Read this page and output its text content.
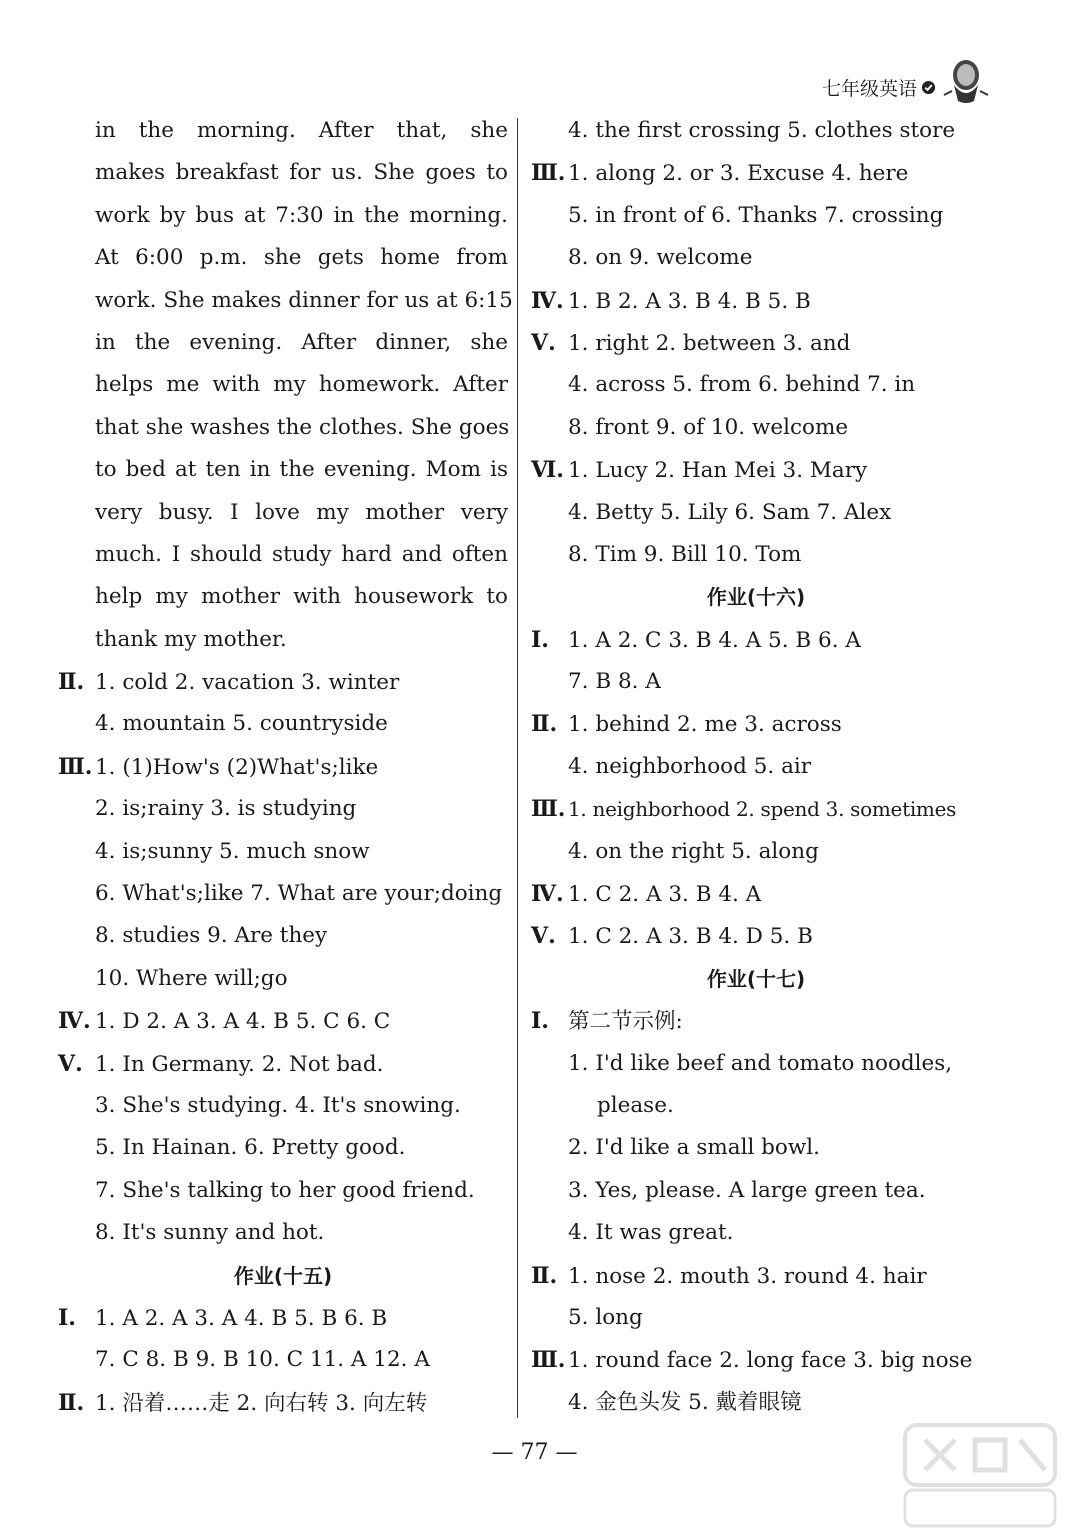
七年级英语
in the morning. After that, she
makes breakfast for us. She goes to
work by bus at 7:30 in the morning.
At 6:00 p.m. she gets home from
work. She makes dinner for us at 6:15
in the evening. After dinner, she
helps me with my homework. After
that she washes the clothes. She goes
to bed at ten in the evening. Mom is
very busy. I love my mother very
much. I should study hard and often
help my mother with housework to
thank my mother.
Ⅱ. 1. cold 2. vacation 3. winter
4. mountain 5. countryside
Ⅲ. 1. (1)How's (2)What's;like
2. is;rainy 3. is studying
4. is;sunny 5. much snow
6. What's;like 7. What are your;doing
8. studies 9. Are they
10. Where will;go
Ⅳ. 1. D 2. A 3. A 4. B 5. C 6. C
Ⅴ. 1. In Germany. 2. Not bad.
3. She's studying. 4. It's snowing.
5. In Hainan. 6. Pretty good.
7. She's talking to her good friend.
8. It's sunny and hot.
作业(十五)
Ⅰ. 1. A 2. A 3. A 4. B 5. B 6. B
7. C 8. B 9. B 10. C 11. A 12. A
Ⅱ. 1. 沿着……走 2. 向右转 3. 向左转
4. the first crossing 5. clothes store
Ⅲ. 1. along 2. or 3. Excuse 4. here
5. in front of 6. Thanks 7. crossing
8. on 9. welcome
Ⅳ. 1. B 2. A 3. B 4. B 5. B
Ⅴ. 1. right 2. between 3. and
4. across 5. from 6. behind 7. in
8. front 9. of 10. welcome
Ⅵ. 1. Lucy 2. Han Mei 3. Mary
4. Betty 5. Lily 6. Sam 7. Alex
8. Tim 9. Bill 10. Tom
作业(十六)
Ⅰ. 1. A 2. C 3. B 4. A 5. B 6. A
7. B 8. A
Ⅱ. 1. behind 2. me 3. across
4. neighborhood 5. air
Ⅲ. 1. neighborhood 2. spend 3. sometimes
4. on the right 5. along
Ⅳ. 1. C 2. A 3. B 4. A
Ⅴ. 1. C 2. A 3. B 4. D 5. B
作业(十七)
Ⅰ. 第二节示例:
1. I'd like beef and tomato noodles,
please.
2. I'd like a small bowl.
3. Yes, please. A large green tea.
4. It was great.
Ⅱ. 1. nose 2. mouth 3. round 4. hair
5. long
Ⅲ. 1. round face 2. long face 3. big nose
4. 金色头发 5. 戴着眼镜
— 77 —
